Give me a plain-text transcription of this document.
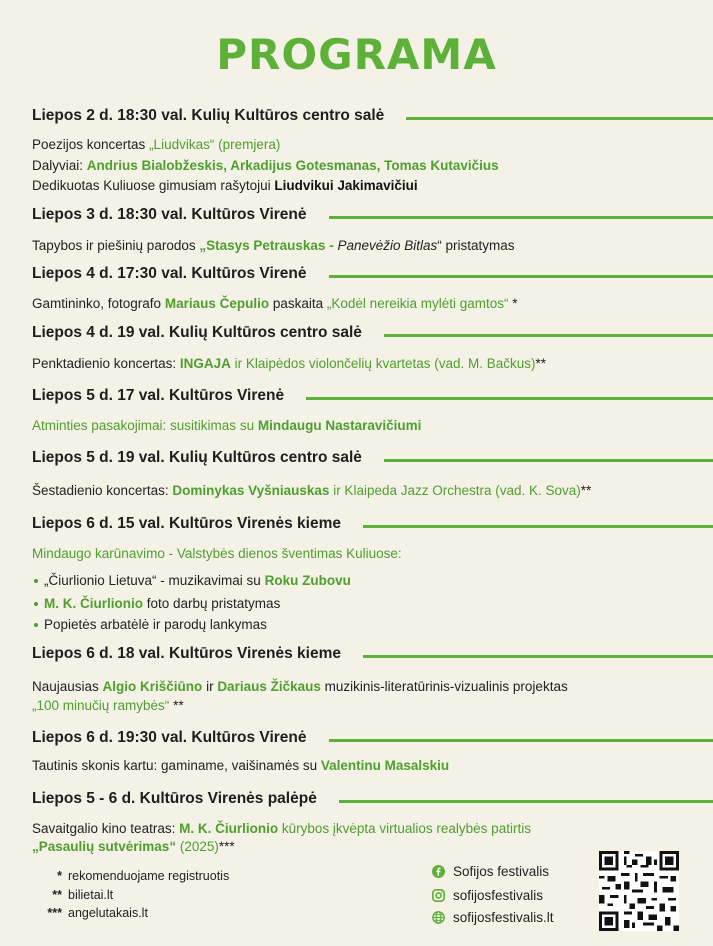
PROGRAMA
Liepos 2 d. 18:30 val. Kulių Kultūros centro salė
Poezijos koncertas „Liudvikas“ (premjera)
Dalyviai: Andrius Bialobžeskis, Arkadijus Gotesmanas, Tomas Kutavičius
Dedikuotas Kuliuose gimusiam rašytojui Liudvikui Jakimavičiui
Liepos 3 d. 18:30 val. Kultūros Virenė
Tapybos ir piešinių parodos „Stasys Petrauskas - Panevėžio Bitlas“ pristatymas
Liepos 4 d. 17:30 val. Kultūros Virenė
Gamtininko, fotografo Mariaus Čepulio paskaita „Kodėl nereikia mylėti gamtos“ *
Liepos 4 d. 19 val. Kulių Kultūros centro salė
Penktadienio koncertas: INGAJA ir Klaipėdos violončelių kvartetas (vad. M. Bačkus)**
Liepos 5 d. 17 val. Kultūros Virenė
Atminties pasakojimai: susitikimas su Mindaugu Nastaravičiumi
Liepos 5 d. 19 val. Kulių Kultūros centro salė
Šestadienio koncertas: Dominykas Vyšniauskas ir Klaipeda Jazz Orchestra (vad. K. Sova)**
Liepos 6 d. 15 val. Kultūros Virenės kieme
Mindaugo karūnavimo - Valstybės dienos šventimas Kuliuose:
„Čiurlionio Lietuva“ - muzikavimai su Roku Zubovu
M. K. Čiurlionio foto darbų pristatymas
Popietės arbatėlė ir parodų lankymas
Liepos 6 d. 18 val. Kultūros Virenės kieme
Naujausias Algio Kriščiūno ir Dariaus Žičkaus muzikinis-literatūrinis-vizualinis projektas
„100 minučių ramybės“ **
Liepos 6 d. 19:30 val. Kultūros Virenė
Tautinis skonis kartu: gaminame, vaišinamės su Valentinu Masalskiu
Liepos 5 - 6 d. Kultūros Virenės palėpė
Savaitgalio kino teatras: M. K. Čiurlionio kūrybos įkvėpta virtualios realybės patirtis
„Pasaulių sutvėrimas“ (2025)***
* rekomenduojame registruotis
** bilietai.lt
*** angelutakais.lt
Sofijos festivalis
sofijosfestivalis
sofijosfestivalis.lt
